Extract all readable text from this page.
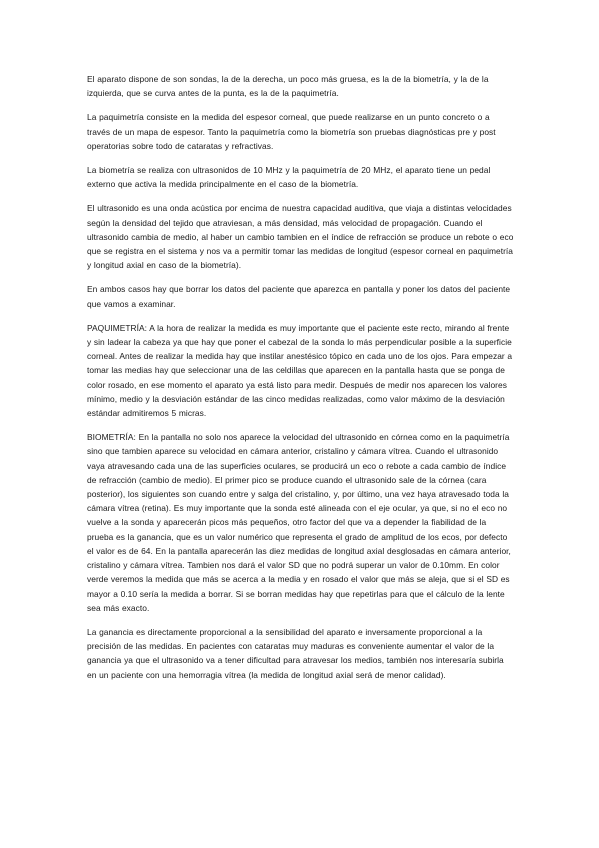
El aparato dispone de son sondas, la de la derecha, un poco más gruesa, es la de la biometría, y la de la izquierda, que se curva antes de la punta, es la de la paquimetría.

La paquimetría consiste en la medida del espesor corneal, que puede realizarse en un punto concreto o a través de un mapa de espesor. Tanto la paquimetría como la biometría son pruebas diagnósticas pre y post operatorias sobre todo de cataratas y refractivas.

La biometría se realiza con ultrasonidos de 10 MHz y la paquimetría de 20 MHz, el aparato tiene un pedal externo que activa la medida principalmente en el caso de la biometría.

El ultrasonido es una onda acústica por encima de nuestra capacidad auditiva, que viaja a distintas velocidades según la densidad del tejido que atraviesan, a más densidad, más velocidad de propagación. Cuando el ultrasonido cambia de medio, al haber un cambio tambien en el índice de refracción se produce un rebote o eco que se registra en el sistema y nos va a permitir tomar las medidas de longitud (espesor corneal en paquimetría y longitud axial en caso de la biometría).

En ambos casos hay que borrar los datos del paciente que aparezca en pantalla y poner los datos del paciente que vamos a examinar.

PAQUIMETRÍA: A la hora de realizar la medida es muy importante que el paciente este recto, mirando al frente y sin ladear la cabeza ya que hay que poner el cabezal de la sonda lo más perpendicular posible a la superficie corneal. Antes de realizar la medida hay que instilar anestésico tópico en cada uno de los ojos. Para empezar a tomar las medias hay que seleccionar una de las celdillas que aparecen en la pantalla hasta que se ponga de color rosado, en ese momento el aparato ya está listo para medir. Después de medir nos aparecen los valores mínimo, medio y la desviación estándar de las cinco medidas realizadas, como valor máximo de la desviación estándar admitiremos 5 micras.

BIOMETRÍA: En la pantalla no solo nos aparece la velocidad del ultrasonido en córnea como en la paquimetría sino que tambien aparece su velocidad en cámara anterior, cristalino y cámara vítrea. Cuando el ultrasonido vaya atravesando cada una de las superficies oculares, se producirá un eco o rebote a cada cambio de índice de refracción (cambio de medio). El primer pico se produce cuando el ultrasonido sale de la córnea (cara posterior), los siguientes son cuando entre y salga del cristalino, y, por último, una vez haya atravesado toda la cámara vítrea (retina). Es muy importante que la sonda esté alineada con el eje ocular, ya que, si no el eco no vuelve a la sonda y aparecerán picos más pequeños, otro factor del que va a depender la fiabilidad de la prueba es la ganancia, que es un valor numérico que representa el grado de amplitud de los ecos, por defecto el valor es de 64. En la pantalla aparecerán las diez medidas de longitud axial desglosadas en cámara anterior, cristalino y cámara vítrea. Tambien nos dará el valor SD que no podrá superar un valor de 0.10mm. En color verde veremos la medida que más se acerca a la media y en rosado el valor que más se aleja, que si el SD es mayor a 0.10 sería la medida a borrar. Si se borran medidas hay que repetirlas para que el cálculo de la lente sea más exacto.

La ganancia es directamente proporcional a la sensibilidad del aparato e inversamente proporcional a la precisión de las medidas. En pacientes con cataratas muy maduras es conveniente aumentar el valor de la ganancia ya que el ultrasonido va a tener dificultad para atravesar los medios, también nos interesaría subirla en un paciente con una hemorragia vítrea (la medida de longitud axial será de menor calidad).
